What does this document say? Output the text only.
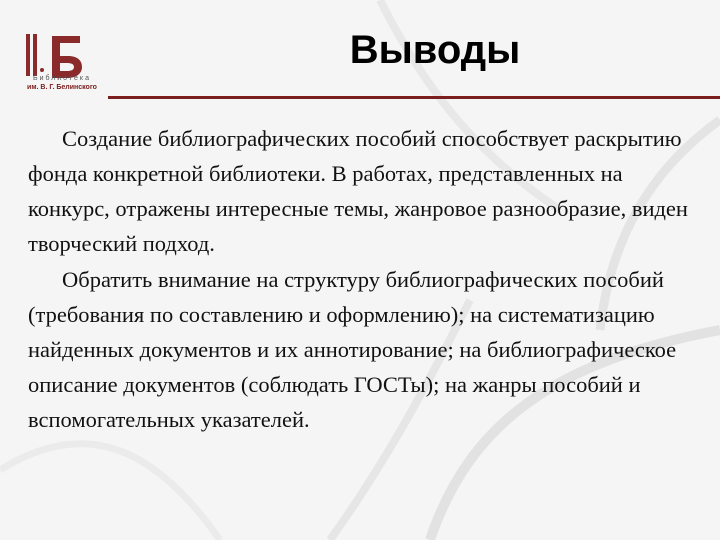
Библиотека
им. В. Г. Белинского
Выводы

Создание библиографических пособий способствует раскрытию фонда конкретной библиотеки. В работах, представленных на конкурс, отражены интересные темы, жанровое разнообразие, виден творческий подход.

Обратить внимание на структуру библиографических пособий (требования по составлению и оформлению); на систематизацию найденных документов и их аннотирование; на библиографическое описание документов (соблюдать ГОСТы); на жанры пособий и вспомогательных указателей.
